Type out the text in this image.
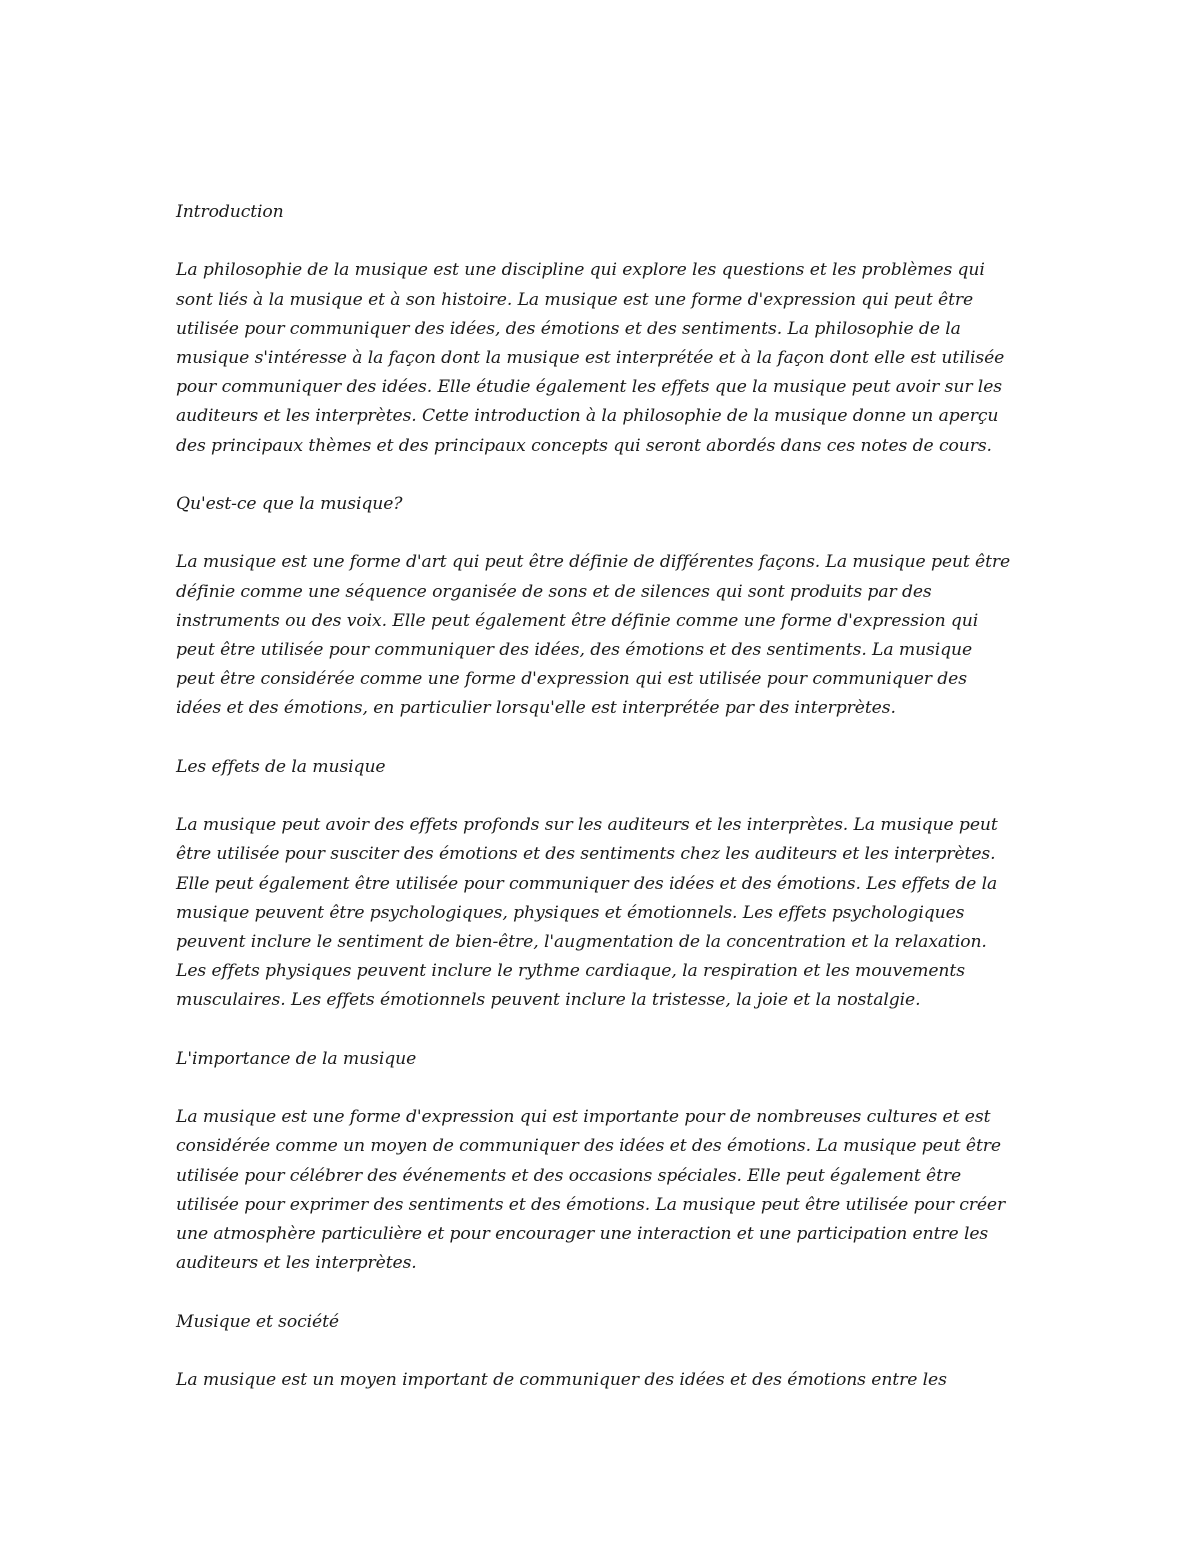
Introduction
La philosophie de la musique est une discipline qui explore les questions et les problèmes qui
sont liés à la musique et à son histoire. La musique est une forme d'expression qui peut être
utilisée pour communiquer des idées, des émotions et des sentiments. La philosophie de la
musique s'intéresse à la façon dont la musique est interprétée et à la façon dont elle est utilisée
pour communiquer des idées. Elle étudie également les effets que la musique peut avoir sur les
auditeurs et les interprètes. Cette introduction à la philosophie de la musique donne un aperçu
des principaux thèmes et des principaux concepts qui seront abordés dans ces notes de cours.
Qu'est-ce que la musique?
La musique est une forme d'art qui peut être définie de différentes façons. La musique peut être
définie comme une séquence organisée de sons et de silences qui sont produits par des
instruments ou des voix. Elle peut également être définie comme une forme d'expression qui
peut être utilisée pour communiquer des idées, des émotions et des sentiments. La musique
peut être considérée comme une forme d'expression qui est utilisée pour communiquer des
idées et des émotions, en particulier lorsqu'elle est interprétée par des interprètes.
Les effets de la musique
La musique peut avoir des effets profonds sur les auditeurs et les interprètes. La musique peut
être utilisée pour susciter des émotions et des sentiments chez les auditeurs et les interprètes.
Elle peut également être utilisée pour communiquer des idées et des émotions. Les effets de la
musique peuvent être psychologiques, physiques et émotionnels. Les effets psychologiques
peuvent inclure le sentiment de bien-être, l'augmentation de la concentration et la relaxation.
Les effets physiques peuvent inclure le rythme cardiaque, la respiration et les mouvements
musculaires. Les effets émotionnels peuvent inclure la tristesse, la joie et la nostalgie.
L'importance de la musique
La musique est une forme d'expression qui est importante pour de nombreuses cultures et est
considérée comme un moyen de communiquer des idées et des émotions. La musique peut être
utilisée pour célébrer des événements et des occasions spéciales. Elle peut également être
utilisée pour exprimer des sentiments et des émotions. La musique peut être utilisée pour créer
une atmosphère particulière et pour encourager une interaction et une participation entre les
auditeurs et les interprètes.
Musique et société
La musique est un moyen important de communiquer des idées et des émotions entre les
